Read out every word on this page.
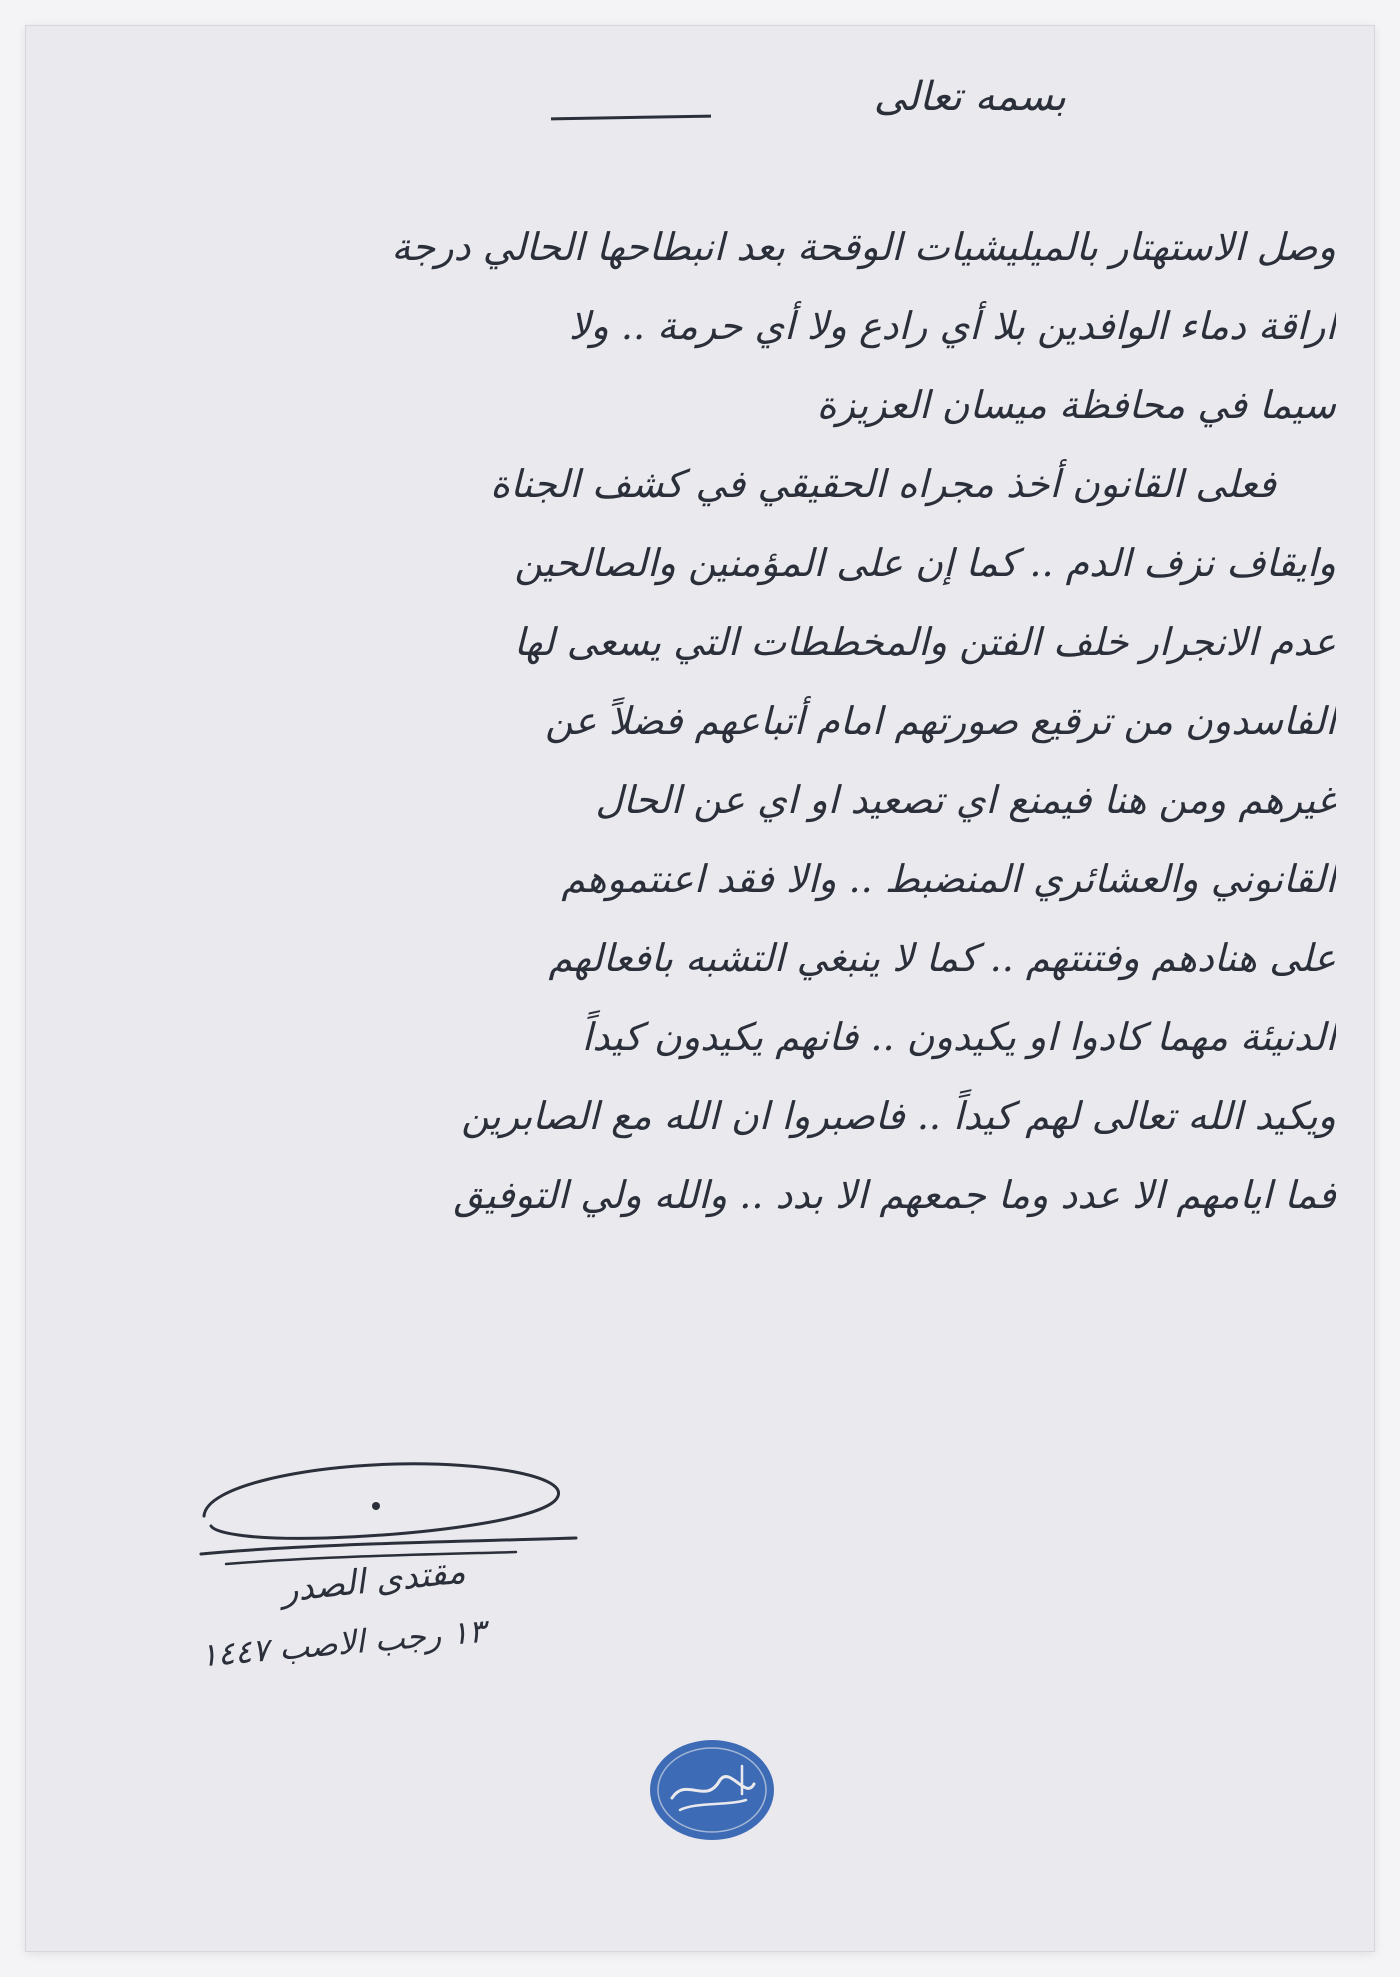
بسمه تعالى
وصل الاستهتار بالميليشيات الوقحة بعد انبطاحها الحالي درجة
اراقة دماء الوافدين بلا أي رادع ولا أي حرمة .. ولا
سيما في محافظة ميسان العزيزة
فعلى القانون أخذ مجراه الحقيقي في كشف الجناة
وايقاف نزف الدم .. كما إن على المؤمنين والصالحين
عدم الانجرار خلف الفتن والمخططات التي يسعى لها
الفاسدون من ترقيع صورتهم امام أتباعهم فضلاً عن
غيرهم ومن هنا فيمنع اي تصعيد او اي عن الحال
القانوني والعشائري المنضبط .. والا فقد اعنتموهم
على هنادهم وفتنتهم .. كما لا ينبغي التشبه بافعالهم
الدنيئة مهما كادوا او يكيدون .. فانهم يكيدون كيداً
ويكيد الله تعالى لهم كيداً .. فاصبروا ان الله مع الصابرين
فما ايامهم الا عدد وما جمعهم الا بدد .. والله ولي التوفيق
مقتدى الصدر
١٣ رجب الاصب ١٤٤٧
